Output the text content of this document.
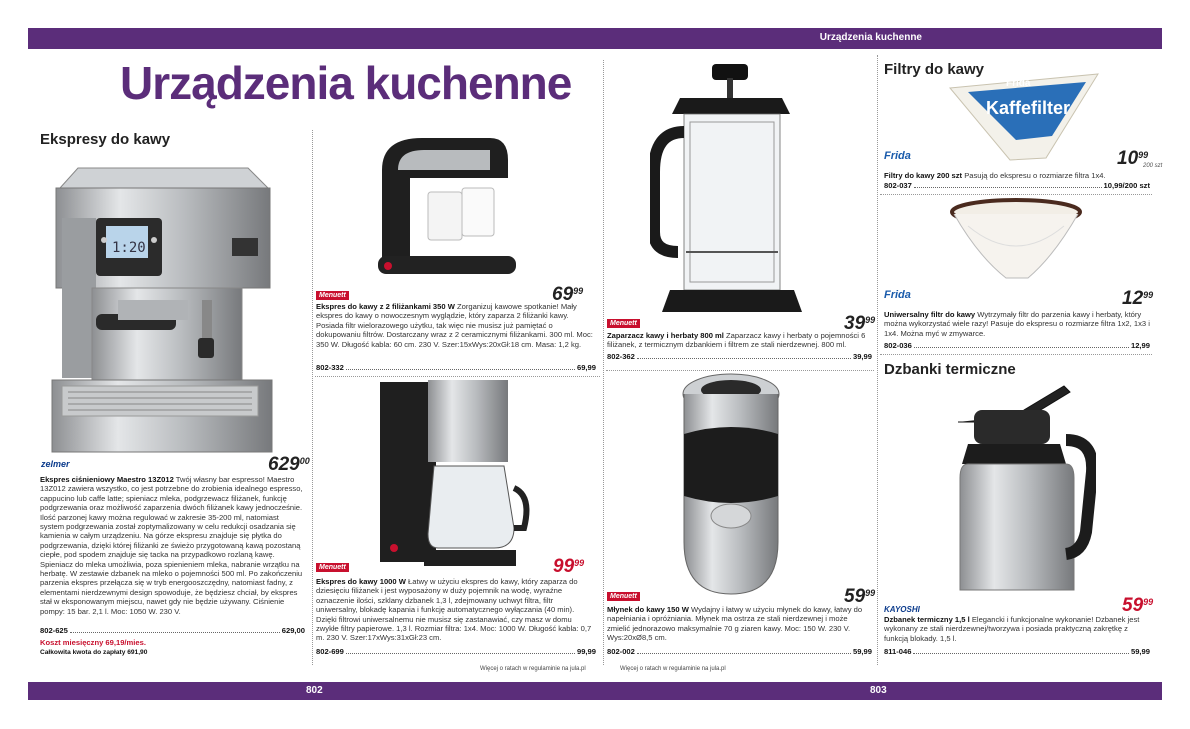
Urządzenia kuchenne
Urządzenia kuchenne
Ekspresy do kawy
Filtry do kawy
Dzbanki termiczne
1:20
zelmer	$629^{00}$
Ekspres ciśnieniowy Maestro 13Z012 Twój własny bar espresso! Maestro 13Z012 zawiera wszystko, co jest potrzebne do zrobienia idealnego espresso, cappucino lub caffe latte; spieniacz mleka, podgrzewacz filiżanek, funkcję podgrzewania oraz możliwość zaparzenia dwóch filiżanek kawy jednocześnie. Ilość parzonej kawy można regulować w zakresie 35-200 ml, natomiast system podgrzewania został zoptymalizowany w celu redukcji osadzania się kamienia w całym urządzeniu. Na górze ekspresu znajduje się płytka do podgrzewania, dzięki której filiżanki ze świeżo przygotowaną kawą pozostaną ciepłe, pod spodem znajduje się tacka na przypadkowo rozlaną kawę. Spieniacz do mleka umożliwia, poza spienieniem mleka, nabranie wrzątku na herbatę. W zestawie dzbanek na mleko o pojemności 500 ml. Po zakończeniu parzenia ekspres przełącza się w tryb energooszczędny, natomiast fadny, z elementami nierdzewnymi design spowoduje, że będziesz chciał, by ekspres stał w eksponowanym miejscu, nawet gdy nie będzie używany. Ciśnienie pompy: 15 bar. 2,1 l. Moc: 1050 W. 230 V.
802-625	629,00
Koszt miesięczny 69,19/mies.
Całkowita kwota do zapłaty 691,90
Menuett	$69^{99}$
Ekspres do kawy z 2 filiżankami 350 W Zorganizuj kawowe spotkanie! Mały ekspres do kawy o nowoczesnym wyglądzie, który zaparza 2 filiżanki kawy. Posiada filtr wielorazowego użytku, tak więc nie musisz już pamiętać o dokupowaniu filtrów. Dostarczany wraz z 2 ceramicznymi filiżankami. 300 ml. Moc: 350 W. Długość kabla: 60 cm. 230 V. Szer:15xWys:20xGł:18 cm. Masa: 1,2 kg.
802-332	69,99
Menuett	$99^{99}$
Ekspres do kawy 1000 W Łatwy w użyciu ekspres do kawy, który zaparza do dziesięciu filiżanek i jest wyposażony w duży pojemnik na wodę, wyraźne oznaczenie ilości, szklany dzbanek 1,3 l, zdejmowany uchwyt filtra, filtr uniwersalny, blokadę kapania i funkcję automatycznego wyłączania (40 min). Dzięki filtrowi uniwersalnemu nie musisz się zastanawiać, czy masz w domu zwykłe filtry papierowe. 1,3 l. Rozmiar filtra: 1x4. Moc: 1000 W. Długość kabla: 0,7 m. 230 V. Szer:17xWys:31xGł:23 cm.
802-699	99,99
Więcej o ratach w regulaminie na jula.pl
Menuett	$39^{99}$
Zaparzacz kawy i herbaty 800 ml Zaparzacz kawy i herbaty o pojemności 6 filiżanek, z termicznym dzbankiem i filtrem ze stali nierdzewnej. 800 ml.
802-362	39,99
Menuett	$59^{99}$
Młynek do kawy 150 W Wydajny i łatwy w użyciu młynek do kawy, łatwy do napełniania i opróżniania. Młynek ma ostrza ze stali nierdzewnej i może zmielić jednorazowo maksymalnie 70 g ziaren kawy. Moc: 150 W. 230 V. Wys:20xØ8,5 cm.
802-002	59,99
Więcej o ratach w regulaminie na jula.pl
Frida
Kaffefilter
Frida	$10^{99}$
200 szt
Filtry do kawy 200 szt Pasują do ekspresu o rozmiarze filtra 1x4.
802-037	10,99/200 szt
Frida	$12^{99}$
Uniwersalny filtr do kawy Wytrzymały filtr do parzenia kawy i herbaty, który można wykorzystać wiele razy! Pasuje do ekspresu o rozmiarze filtra 1x2, 1x3 i 1x4. Można myć w zmywarce.
802-036	12,99
KAYOSHI	$59^{99}$
Dzbanek termiczny 1,5 l Elegancki i funkcjonalne wykonanie! Dzbanek jest wykonany ze stali nierdzewnej/tworzywa i posiada praktyczną zakrętkę z funkcją blokady. 1,5 l.
811-046	59,99
802	803
